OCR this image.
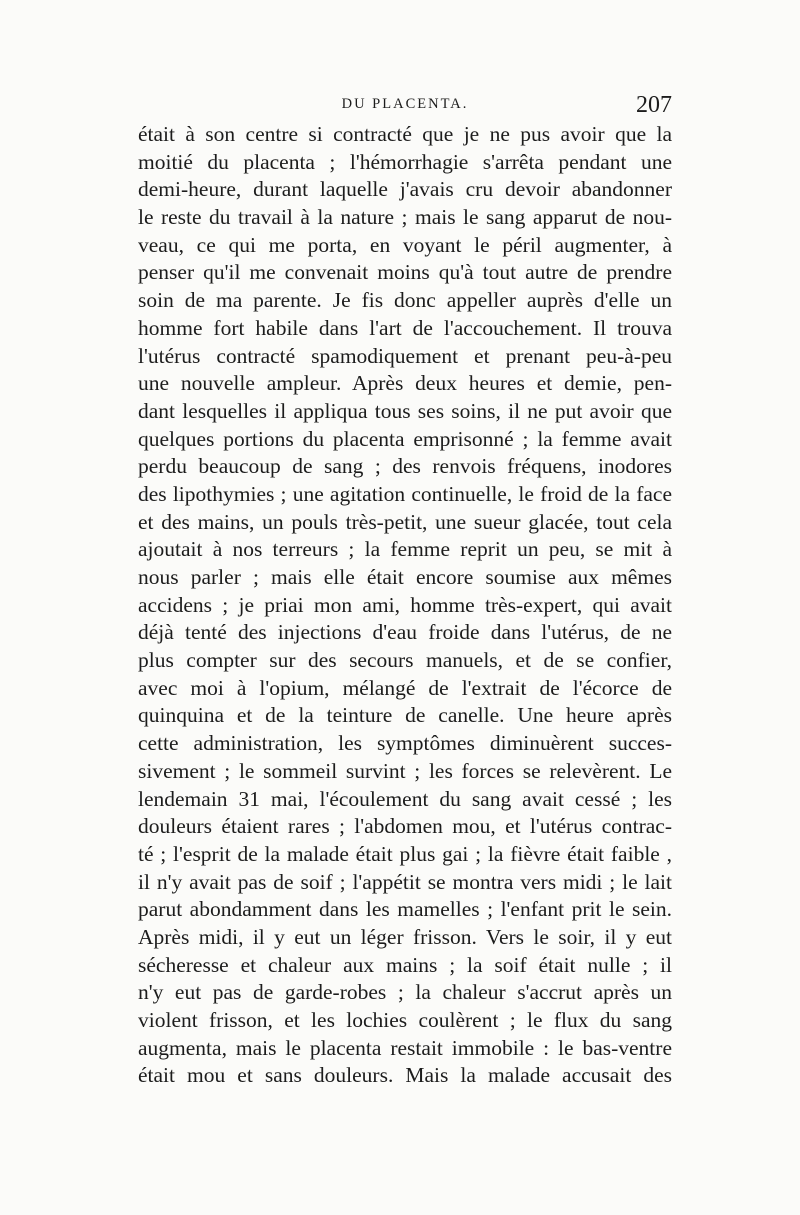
DU PLACENTA.	207
était à son centre si contracté que je ne pus avoir que la
moitié du placenta ; l'hémorrhagie s'arrêta pendant une
demi-heure, durant laquelle j'avais cru devoir abandonner
le reste du travail à la nature ; mais le sang apparut de nou-
veau, ce qui me porta, en voyant le péril augmenter, à
penser qu'il me convenait moins qu'à tout autre de prendre
soin de ma parente. Je fis donc appeller auprès d'elle un
homme fort habile dans l'art de l'accouchement. Il trouva
l'utérus contracté spamodiquement et prenant peu-à-peu
une nouvelle ampleur. Après deux heures et demie, pen-
dant lesquelles il appliqua tous ses soins, il ne put avoir que
quelques portions du placenta emprisonné ; la femme avait
perdu beaucoup de sang ; des renvois fréquens, inodores
des lipothymies ; une agitation continuelle, le froid de la face
et des mains, un pouls très-petit, une sueur glacée, tout cela
ajoutait à nos terreurs ; la femme reprit un peu, se mit à
nous parler ; mais elle était encore soumise aux mêmes
accidens ; je priai mon ami, homme très-expert, qui avait
déjà tenté des injections d'eau froide dans l'utérus, de ne
plus compter sur des secours manuels, et de se confier,
avec moi à l'opium, mélangé de l'extrait de l'écorce de
quinquina et de la teinture de canelle. Une heure après
cette administration, les symptômes diminuèrent succes-
sivement ; le sommeil survint ; les forces se relevèrent. Le
lendemain 31 mai, l'écoulement du sang avait cessé ; les
douleurs étaient rares ; l'abdomen mou, et l'utérus contrac-
té ; l'esprit de la malade était plus gai ; la fièvre était faible ,
il n'y avait pas de soif ; l'appétit se montra vers midi ; le lait
parut abondamment dans les mamelles ; l'enfant prit le sein.
Après midi, il y eut un léger frisson. Vers le soir, il y eut
sécheresse et chaleur aux mains ; la soif était nulle ; il
n'y eut pas de garde-robes ; la chaleur s'accrut après un
violent frisson, et les lochies coulèrent ; le flux du sang
augmenta, mais le placenta restait immobile : le bas-ventre
était mou et sans douleurs. Mais la malade accusait des
